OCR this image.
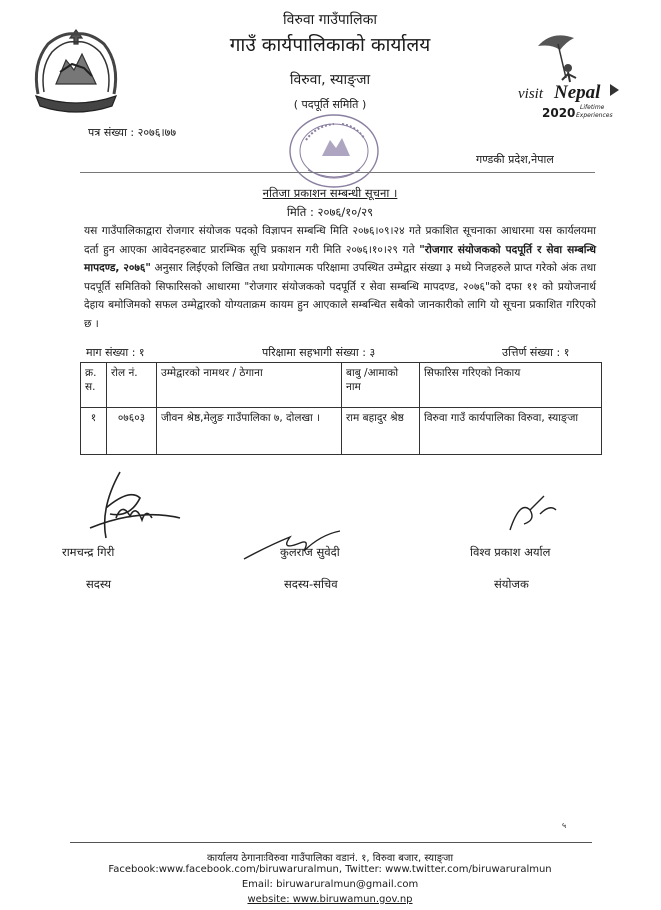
visit Nepal
2020 Lifetime
Experiences
विरुवा गाउँपालिका
गाउँ कार्यपालिकाको कार्यालय
विरुवा, स्याङ्जा
( पदपूर्ति समिति )
पत्र संख्या : २०७६।७७
गण्डकी प्रदेश,नेपाल
नतिजा प्रकाशन सम्बन्धी सूचना ।
मिति : २०७६/१०/२९
यस गाउँपालिकाद्वारा रोजगार संयोजक पदको विज्ञापन सम्बन्धि मिति २०७६।०९।२४ गते प्रकाशित सूचनाका आधारमा यस कार्यलयमा दर्ता हुन आएका आवेदनहरुबाट प्रारम्भिक सूचि प्रकाशन गरी मिति २०७६।१०।२९ गते "रोजगार संयोजकको पदपूर्ति र सेवा सम्बन्धि मापदण्ड, २०७६" अनुसार लिईएको लिखित तथा प्रयोगात्मक परिक्षामा उपस्थित उम्मेद्वार संख्या ३ मध्ये निजहरुले प्राप्त गरेको अंक तथा पदपूर्ति समितिको सिफारिसको आधारमा "रोजगार संयोजकको पदपूर्ति र सेवा सम्बन्धि मापदण्ड, २०७६"को दफा ११ को प्रयोजनार्थ देहाय बमोजिमको सफल उम्मेद्वारको योग्यताक्रम कायम हुन आएकाले सम्बन्धित सबैको जानकारीको लागि यो सूचना प्रकाशित गरिएको छ ।
माग संख्या : १	परिक्षामा सहभागी संख्या : ३	उत्तिर्ण संख्या : १
क्र. स.	रोल नं.	उम्मेद्वारको नामथर / ठेगाना	बाबु /आमाको नाम	सिफारिस गरिएको निकाय
१	०७६०३	जीवन श्रेष्ठ,मेलुङ गाउँपालिका ७, दोलखा ।	राम बहादुर श्रेष्ठ	विरुवा गाउँ कार्यपालिका विरुवा, स्याङ्जा
रामचन्द्र गिरी	कुलराज सुवेदी	विश्व प्रकाश अर्याल
सदस्य	सदस्य-सचिव	संयोजक
५
कार्यालय ठेगानाःविरुवा गाउँपालिका वडानं. १, विरुवा बजार, स्याङ्जा
Facebook:www.facebook.com/biruwaruralmun, Twitter: www.twitter.com/biruwaruralmun
Email: biruwaruralmun@gmail.com
website: www.biruwamun.gov.np
